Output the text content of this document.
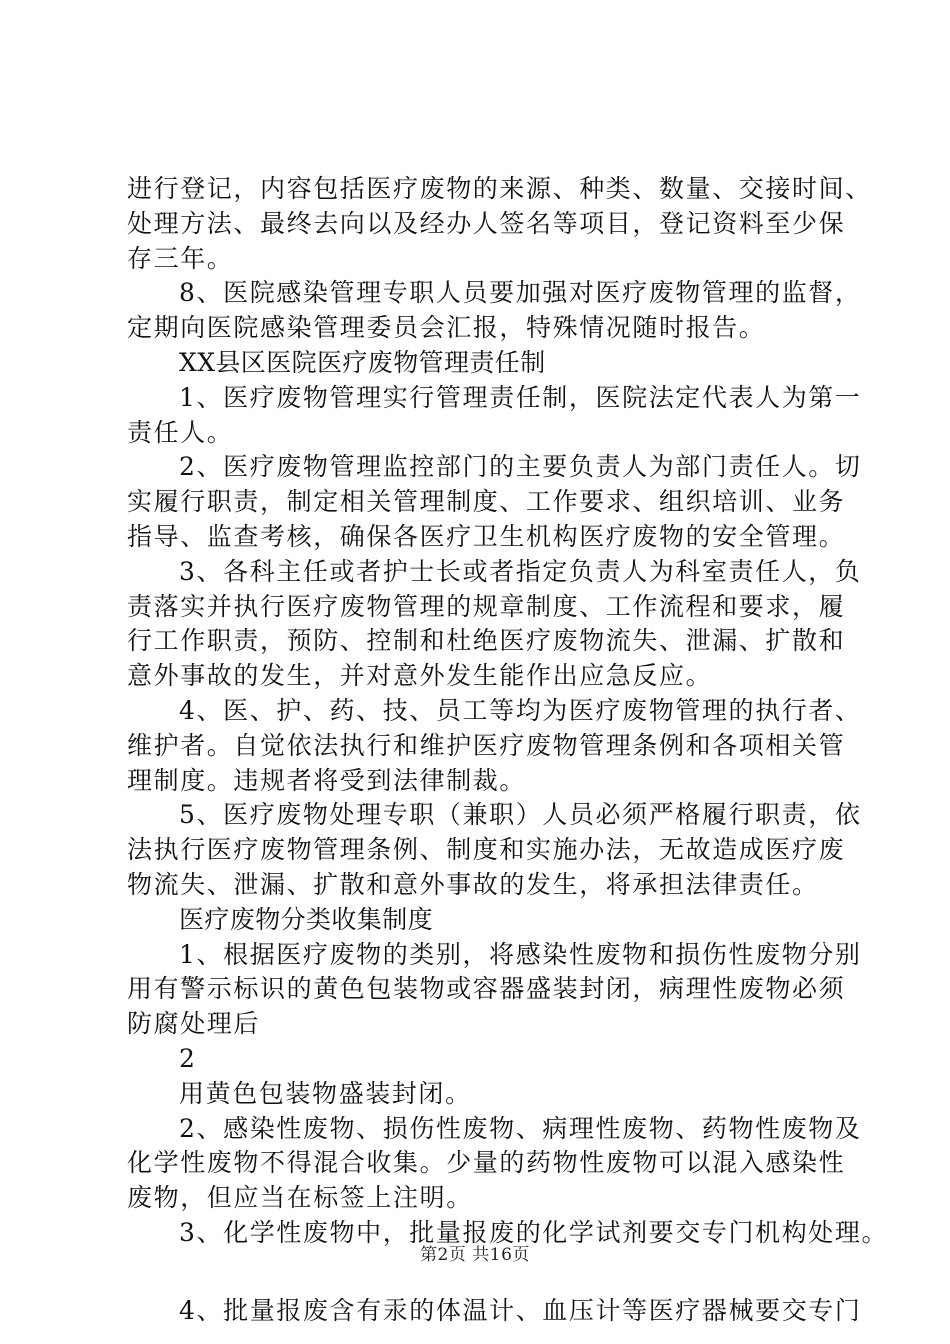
进行登记，内容包括医疗废物的来源、种类、数量、交接时间、
处理方法、最终去向以及经办人签名等项目，登记资料至少保
存三年。
8、医院感染管理专职人员要加强对医疗废物管理的监督，
定期向医院感染管理委员会汇报，特殊情况随时报告。
XX县区医院医疗废物管理责任制
1、医疗废物管理实行管理责任制，医院法定代表人为第一
责任人。
2、医疗废物管理监控部门的主要负责人为部门责任人。切
实履行职责，制定相关管理制度、工作要求、组织培训、业务
指导、监查考核，确保各医疗卫生机构医疗废物的安全管理。
3、各科主任或者护士长或者指定负责人为科室责任人，负
责落实并执行医疗废物管理的规章制度、工作流程和要求，履
行工作职责，预防、控制和杜绝医疗废物流失、泄漏、扩散和
意外事故的发生，并对意外发生能作出应急反应。
4、医、护、药、技、员工等均为医疗废物管理的执行者、
维护者。自觉依法执行和维护医疗废物管理条例和各项相关管
理制度。违规者将受到法律制裁。
5、医疗废物处理专职（兼职）人员必须严格履行职责，依
法执行医疗废物管理条例、制度和实施办法，无故造成医疗废
物流失、泄漏、扩散和意外事故的发生，将承担法律责任。
医疗废物分类收集制度
1、根据医疗废物的类别，将感染性废物和损伤性废物分别
用有警示标识的黄色包装物或容器盛装封闭，病理性废物必须
防腐处理后
2
用黄色包装物盛装封闭。
2、感染性废物、损伤性废物、病理性废物、药物性废物及
化学性废物不得混合收集。少量的药物性废物可以混入感染性
废物，但应当在标签上注明。
3、化学性废物中，批量报废的化学试剂要交专门机构处理。
4、批量报废含有汞的体温计、血压计等医疗器械要交专门
第2页 共16页
